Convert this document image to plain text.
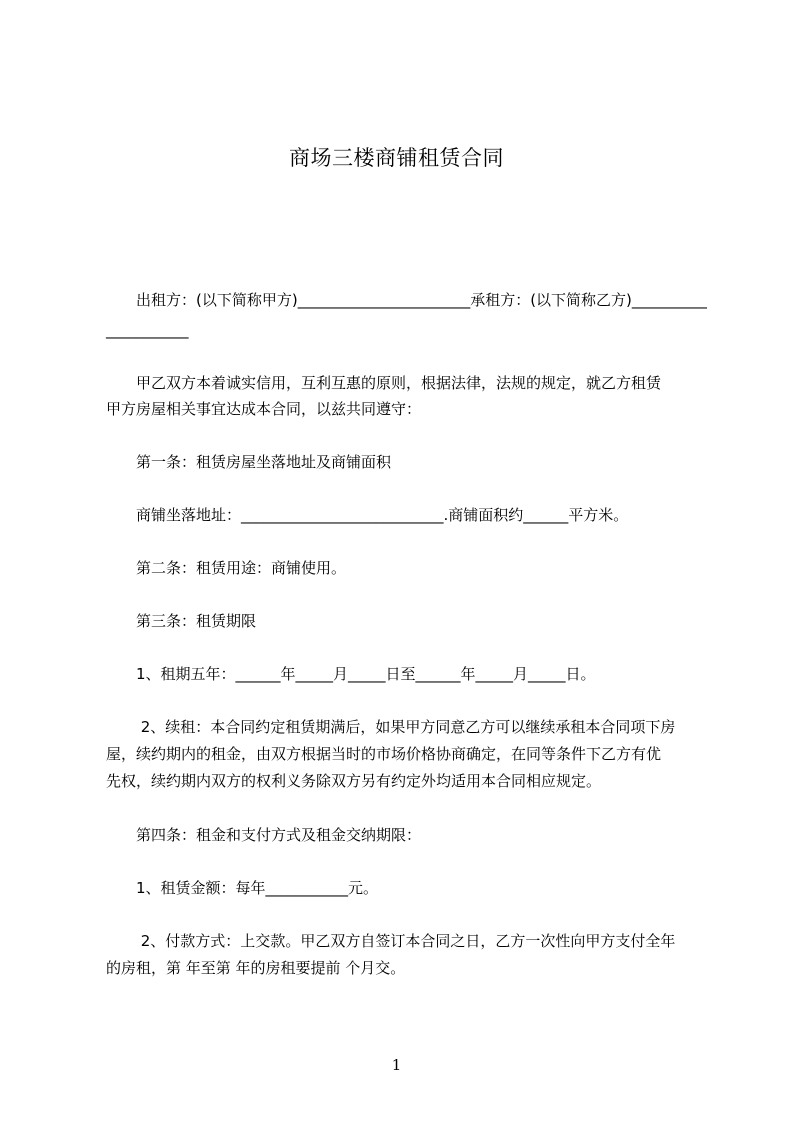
商场三楼商铺租赁合同
　　出租方：(以下简称甲方)_______________________承租方：(以下简称乙方)__________
___________
　　甲乙双方本着诚实信用，互利互惠的原则，根据法律，法规的规定，就乙方租赁
甲方房屋相关事宜达成本合同，以兹共同遵守：
　　第一条：租赁房屋坐落地址及商铺面积
　　商铺坐落地址：___________________________.商铺面积约______平方米。
　　第二条：租赁用途：商铺使用。
　　第三条：租赁期限
　　1、租期五年：______年_____月_____日至______年_____月_____日。
　　 2、续租：本合同约定租赁期满后，如果甲方同意乙方可以继续承租本合同项下房
屋，续约期内的租金，由双方根据当时的市场价格协商确定，在同等条件下乙方有优
先权，续约期内双方的权利义务除双方另有约定外均适用本合同相应规定。
　　第四条：租金和支付方式及租金交纳期限：
　　1、租赁金额：每年___________元。
　　 2、付款方式：上交款。甲乙双方自签订本合同之日，乙方一次性向甲方支付全年
的房租，第 年至第 年的房租要提前 个月交。
1
